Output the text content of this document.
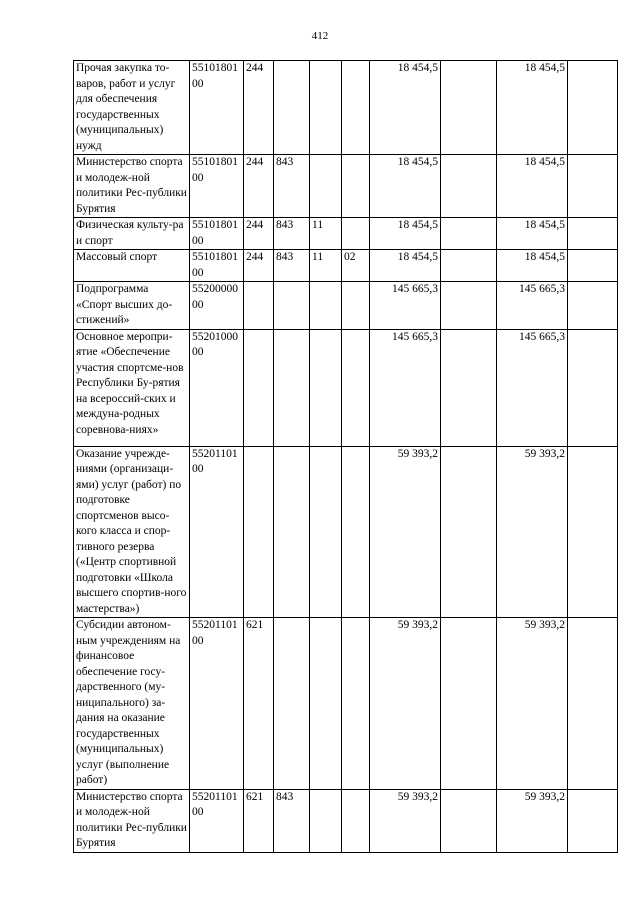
412
Прочая закупка то-варов, работ и услуг для обеспечения государственных (муниципальных) нужд	55101801 00	244				18 454,5		18 454,5	
Министерство спорта и молодеж-ной политики Рес-публики Бурятия	55101801 00	244	843			18 454,5		18 454,5	
Физическая культу-ра и спорт	55101801 00	244	843	11		18 454,5		18 454,5	
Массовый спорт	55101801 00	244	843	11	02	18 454,5		18 454,5	
Подпрограмма «Спорт высших до-стижений»	55200000 00					145 665,3		145 665,3	
Основное меропри-ятие «Обеспечение участия спортсме-нов Республики Бу-рятия на всероссий-ских и междуна-родных соревнова-ниях»	55201000 00					145 665,3		145 665,3	
Оказание учрежде-ниями (организаци-ями) услуг (работ) по подготовке спортсменов высо-кого класса и спор-тивного резерва («Центр спортивной подготовки «Школа высшего спортив-ного мастерства»)	55201101 00					59 393,2		59 393,2	
Субсидии автоном-ным учреждениям на финансовое обеспечение госу-дарственного (му-ниципального) за-дания на оказание государственных (муниципальных) услуг (выполнение работ)	55201101 00	621				59 393,2		59 393,2	
Министерство спорта и молодеж-ной политики Рес-публики Бурятия	55201101 00	621	843			59 393,2		59 393,2	
